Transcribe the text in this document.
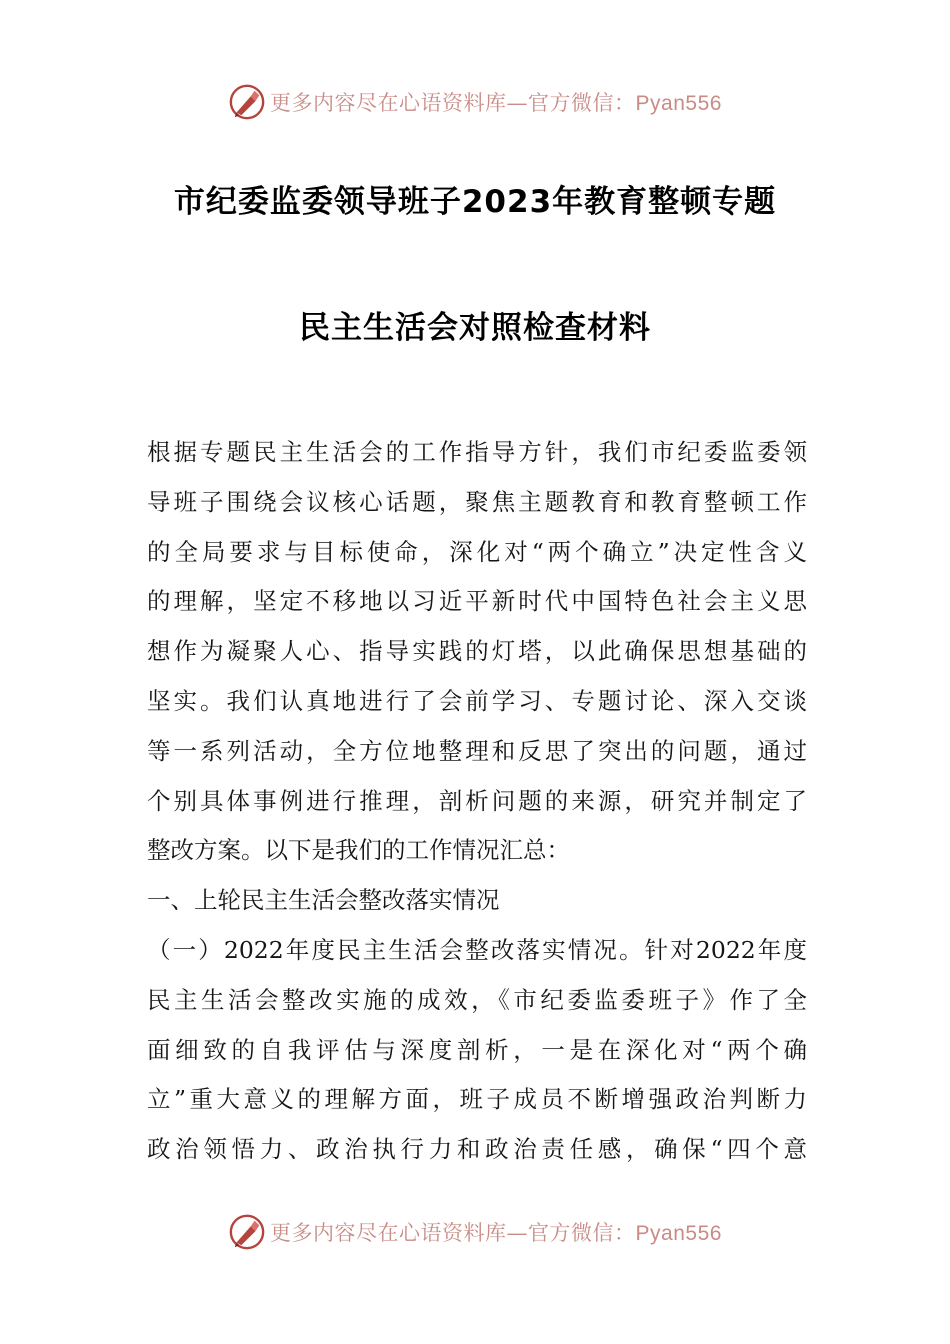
更多内容尽在心语资料库—官方微信：Pyan556
市纪委监委领导班子2023年教育整顿专题
民主生活会对照检查材料
根据专题民主生活会的工作指导方针，我们市纪委监委领
导班子围绕会议核心话题，聚焦主题教育和教育整顿工作
的全局要求与目标使命，深化对“两个确立”决定性含义
的理解，坚定不移地以习近平新时代中国特色社会主义思
想作为凝聚人心、指导实践的灯塔，以此确保思想基础的
坚实。我们认真地进行了会前学习、专题讨论、深入交谈
等一系列活动，全方位地整理和反思了突出的问题，通过
个别具体事例进行推理，剖析问题的来源，研究并制定了
整改方案。以下是我们的工作情况汇总：
一、上轮民主生活会整改落实情况
（一）2022年度民主生活会整改落实情况。针对2022年度
民主生活会整改实施的成效，《市纪委监委班子》作了全
面细致的自我评估与深度剖析，一是在深化对“两个确
立”重大意义的理解方面，班子成员不断增强政治判断力
政治领悟力、政治执行力和政治责任感，确保“四个意
更多内容尽在心语资料库—官方微信：Pyan556
